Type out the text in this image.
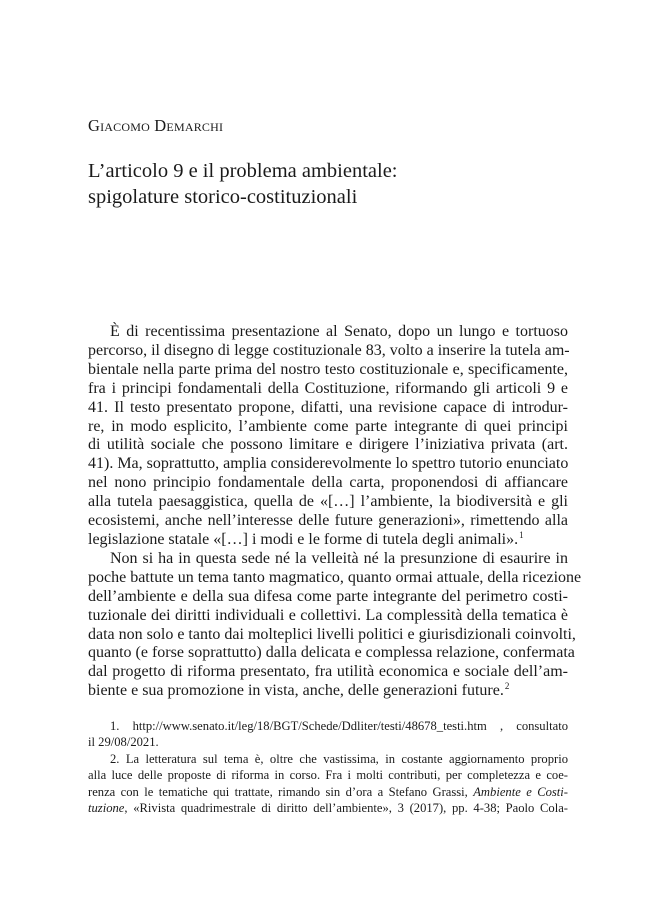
Giacomo Demarchi
L’articolo 9 e il problema ambientale:
spigolature storico-costituzionali

È di recentissima presentazione al Senato, dopo un lungo e tortuoso
percorso, il disegno di legge costituzionale 83, volto a inserire la tutela am-
bientale nella parte prima del nostro testo costituzionale e, specificamente,
fra i principi fondamentali della Costituzione, riformando gli articoli 9 e
41. Il testo presentato propone, difatti, una revisione capace di introdur-
re, in modo esplicito, l’ambiente come parte integrante di quei principi
di utilità sociale che possono limitare e dirigere l’iniziativa privata (art.
41). Ma, soprattutto, amplia considerevolmente lo spettro tutorio enunciato
nel nono principio fondamentale della carta, proponendosi di affiancare
alla tutela paesaggistica, quella de «[…] l’ambiente, la biodiversità e gli
ecosistemi, anche nell’interesse delle future generazioni», rimettendo alla
legislazione statale «[…] i modi e le forme di tutela degli animali».$^1$

Non si ha in questa sede né la velleità né la presunzione di esaurire in
poche battute un tema tanto magmatico, quanto ormai attuale, della ricezione
dell’ambiente e della sua difesa come parte integrante del perimetro costi-
tuzionale dei diritti individuali e collettivi. La complessità della tematica è
data non solo e tanto dai molteplici livelli politici e giurisdizionali coinvolti,
quanto (e forse soprattutto) dalla delicata e complessa relazione, confermata
dal progetto di riforma presentato, fra utilità economica e sociale dell’am-
biente e sua promozione in vista, anche, delle generazioni future.$^2$

1. http://www.senato.it/leg/18/BGT/Schede/Ddliter/testi/48678_testi.htm , consultato
il 29/08/2021.

2. La letteratura sul tema è, oltre che vastissima, in costante aggiornamento proprio
alla luce delle proposte di riforma in corso. Fra i molti contributi, per completezza e coe-
renza con le tematiche qui trattate, rimando sin d’ora a Stefano Grassi, Ambiente e Costi-
tuzione, «Rivista quadrimestrale di diritto dell’ambiente», 3 (2017), pp. 4-38; Paolo Cola-
